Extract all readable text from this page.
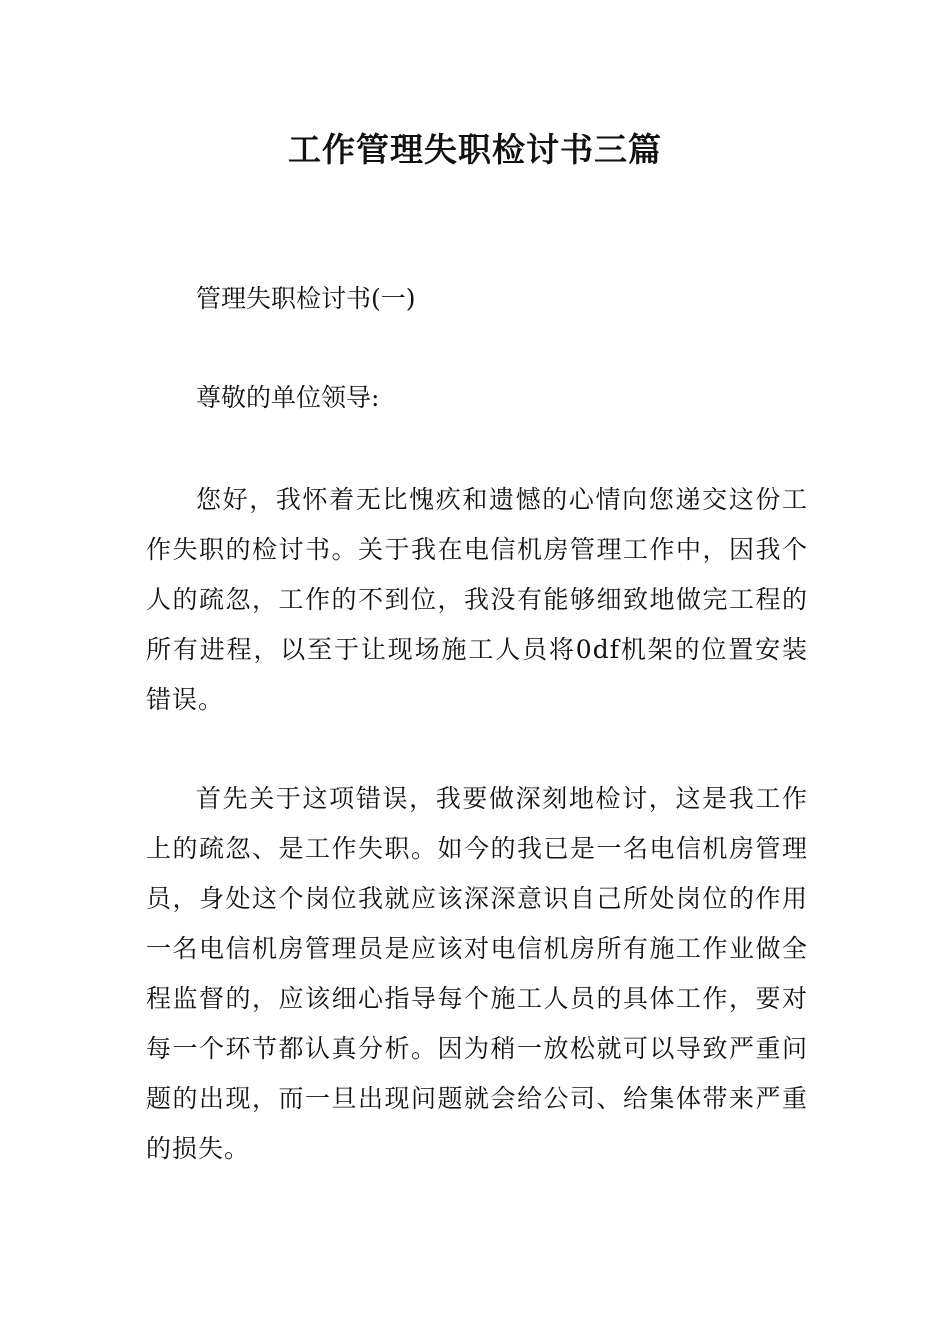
工作管理失职检讨书三篇

管理失职检讨书(一)

尊敬的单位领导:

您好，我怀着无比愧疚和遗憾的心情向您递交这份工作失职的检讨书。关于我在电信机房管理工作中，因我个人的疏忽，工作的不到位，我没有能够细致地做完工程的所有进程，以至于让现场施工人员将0df机架的位置安装错误。

首先关于这项错误，我要做深刻地检讨，这是我工作上的疏忽、是工作失职。如今的我已是一名电信机房管理员，身处这个岗位我就应该深深意识自己所处岗位的作用一名电信机房管理员是应该对电信机房所有施工作业做全程监督的，应该细心指导每个施工人员的具体工作，要对每一个环节都认真分析。因为稍一放松就可以导致严重问题的出现，而一旦出现问题就会给公司、给集体带来严重的损失。
